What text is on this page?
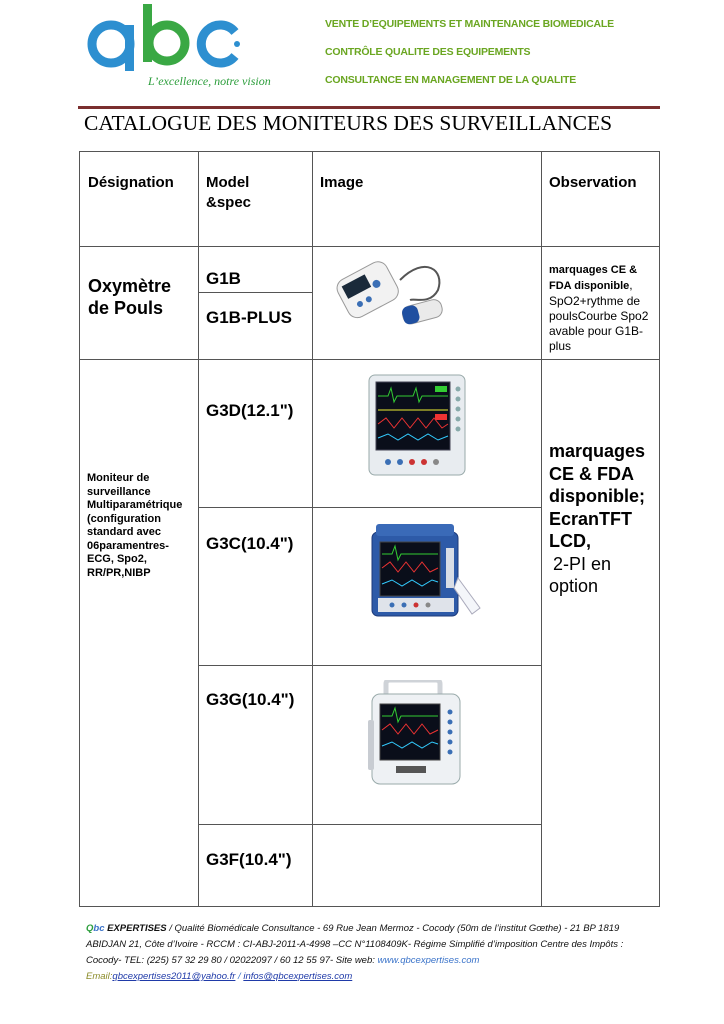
L’excellence, notre vision
VENTE D’EQUIPEMENTS ET MAINTENANCE BIOMEDICALE
CONTRÔLE QUALITE DES EQUIPEMENTS
CONSULTANCE EN MANAGEMENT DE LA QUALITE
CATALOGUE DES MONITEURS DES SURVEILLANCES
Désignation Model &spec
Image	Observation
Oxymètre de Pouls
G1B
G1B-PLUS
marquages CE & FDA disponible, SpO2+rythme de poulsCourbe Spo2 avable pour G1B-plus
Moniteur de surveillance Multiparamétrique (configuration standard avec 06paramentres-ECG, Spo2, RR/PR,NIBP
G3D(12.1")
G3C(10.4")
G3G(10.4")
G3F(10.4")
marquages CE & FDA disponible; EcranTFT LCD,
2-PI en option
Qbc EXPERTISES / Qualité Biomédicale Consultance - 69 Rue Jean Mermoz - Cocody (50m de l’institut Gœthe) - 21 BP 1819
ABIDJAN 21, Côte d’Ivoire - RCCM : CI-ABJ-2011-A-4998 –CC N°1108409K- Régime Simplifié d’imposition Centre des Impôts :
Cocody- TEL: (225) 57 32 29 80 / 02022097 / 60 12 55 97- Site web: www.qbcexpertises.com
Email:qbcexpertises2011@yahoo.fr / infos@qbcexpertises.com
